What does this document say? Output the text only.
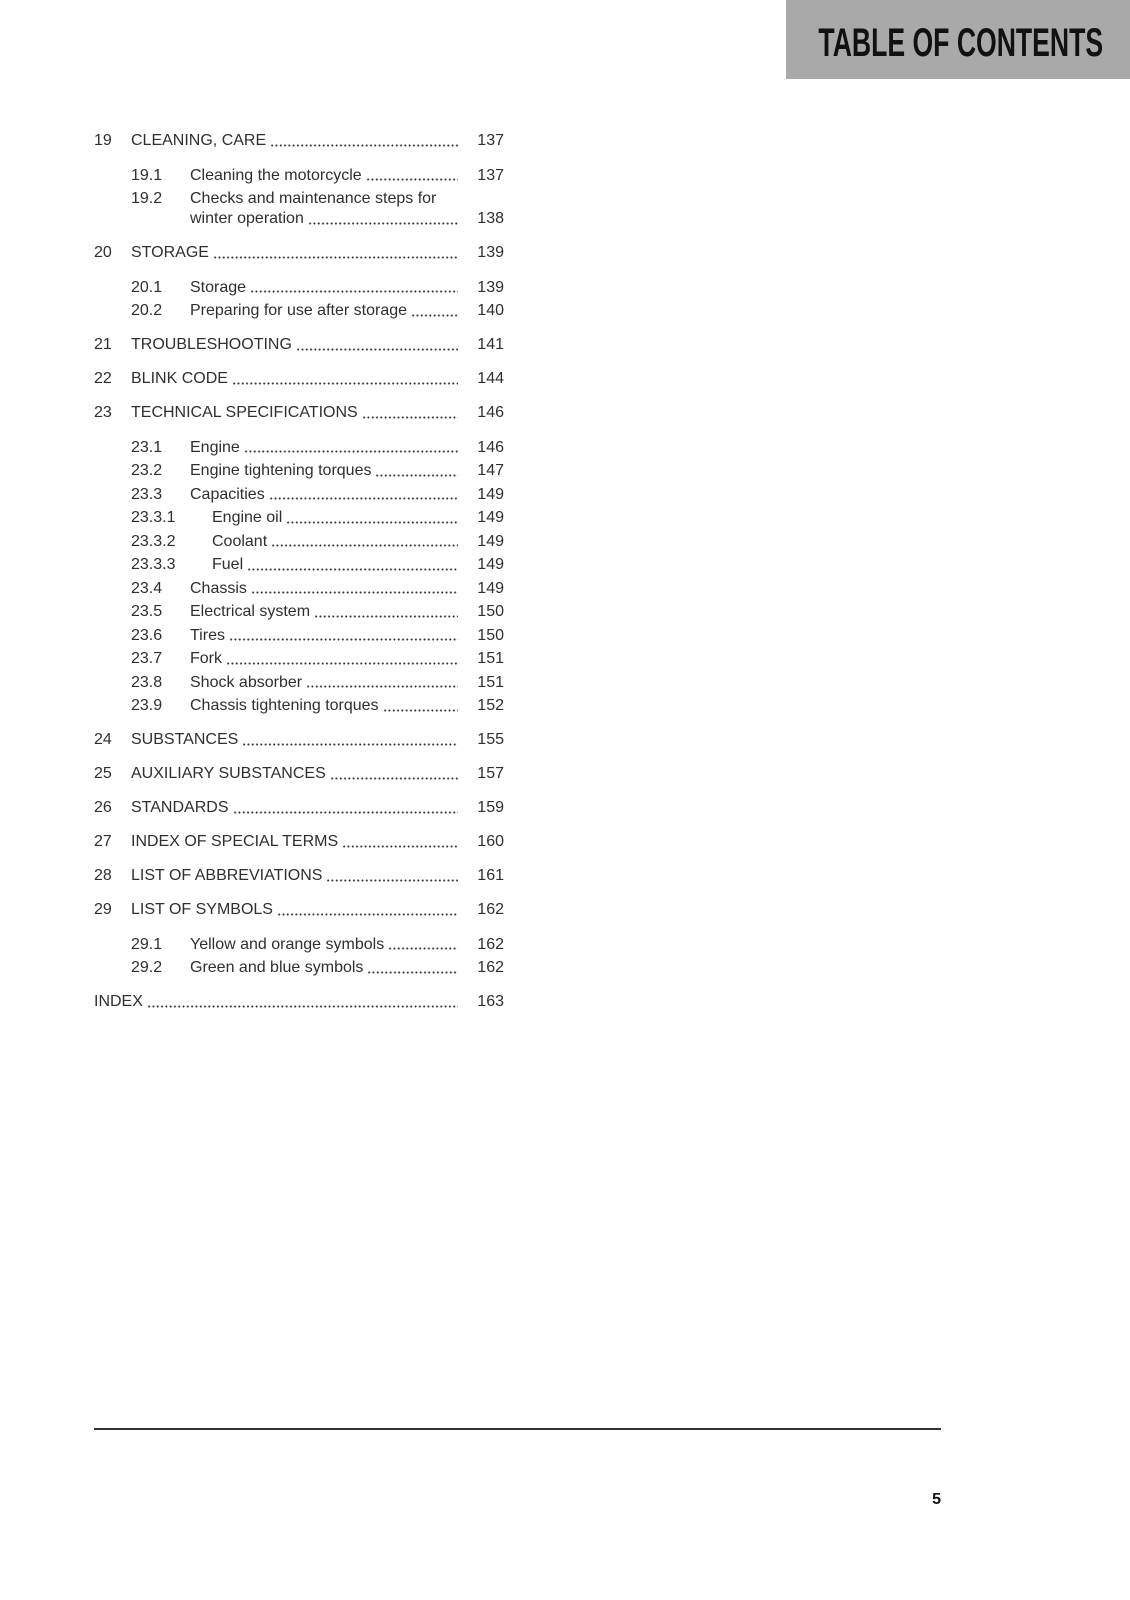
TABLE OF CONTENTS
19	CLEANING, CARE	137
19.1	Cleaning the motorcycle	137
19.2	Checks and maintenance steps for
winter operation	138
20	STORAGE	139
20.1	Storage	139
20.2	Preparing for use after storage	140
21	TROUBLESHOOTING	141
22	BLINK CODE	144
23	TECHNICAL SPECIFICATIONS	146
23.1	Engine	146
23.2	Engine tightening torques	147
23.3	Capacities	149
23.3.1	Engine oil	149
23.3.2	Coolant	149
23.3.3	Fuel	149
23.4	Chassis	149
23.5	Electrical system	150
23.6	Tires	150
23.7	Fork	151
23.8	Shock absorber	151
23.9	Chassis tightening torques	152
24	SUBSTANCES	155
25	AUXILIARY SUBSTANCES	157
26	STANDARDS	159
27	INDEX OF SPECIAL TERMS	160
28	LIST OF ABBREVIATIONS	161
29	LIST OF SYMBOLS	162
29.1	Yellow and orange symbols	162
29.2	Green and blue symbols	162
INDEX	163
5
